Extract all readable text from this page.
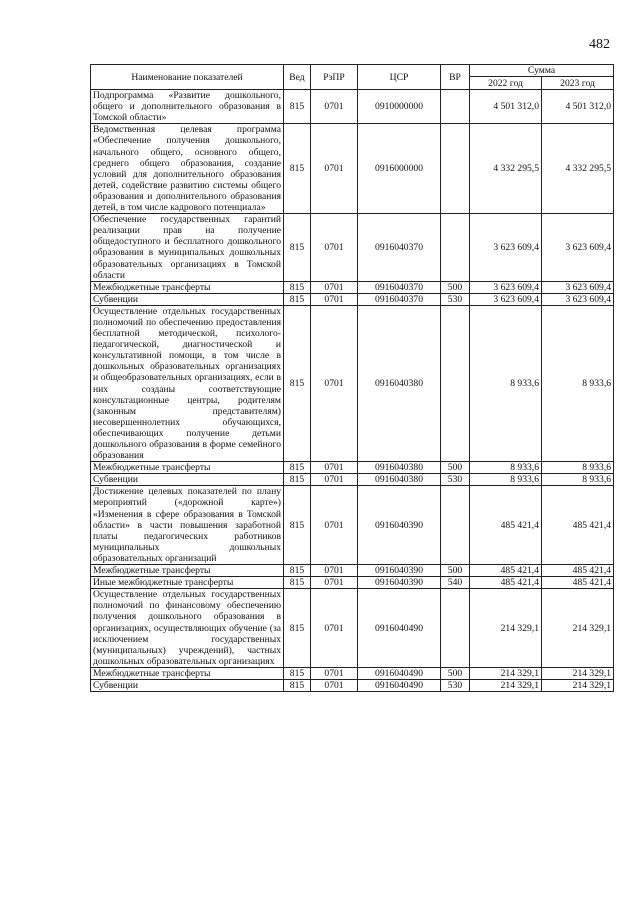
482
Наименование показателей	Вед	РзПР	ЦСР	ВР	Сумма	
					2022 год	2023 год
Подпрограмма «Развитие дошкольного, общего и дополнительного образования в Томской области»	815	0701	0910000000		4 501 312,0	4 501 312,0
Ведомственная целевая программа «Обеспечение получения дошкольного, начального общего, основного общего, среднего общего образования, создание условий для дополнительного образования детей, содействие развитию системы общего образования и дополнительного образования детей, в том числе кадрового потенциала»	815	0701	0916000000		4 332 295,5	4 332 295,5
Обеспечение государственных гарантий реализации прав на получение общедоступного и бесплатного дошкольного образования в муниципальных дошкольных образовательных организациях в Томской области	815	0701	0916040370		3 623 609,4	3 623 609,4
Межбюджетные трансферты	815	0701	0916040370	500	3 623 609,4	3 623 609,4
Субвенции	815	0701	0916040370	530	3 623 609,4	3 623 609,4
Осуществление отдельных государственных полномочий по обеспечению предоставления бесплатной методической, психолого-педагогической, диагностической и консультативной помощи, в том числе в дошкольных образовательных организациях и общеобразовательных организациях, если в них созданы соответствующие консультационные центры, родителям (законным представителям) несовершеннолетних обучающихся, обеспечивающих получение детьми дошкольного образования в форме семейного образования	815	0701	0916040380		8 933,6	8 933,6
Межбюджетные трансферты	815	0701	0916040380	500	8 933,6	8 933,6
Субвенции	815	0701	0916040380	530	8 933,6	8 933,6
Достижение целевых показателей по плану мероприятий («дорожной карте») «Изменения в сфере образования в Томской области» в части повышения заработной платы педагогических работников муниципальных дошкольных образовательных организаций	815	0701	0916040390		485 421,4	485 421,4
Межбюджетные трансферты	815	0701	0916040390	500	485 421,4	485 421,4
Иные межбюджетные трансферты	815	0701	0916040390	540	485 421,4	485 421,4
Осуществление отдельных государственных полномочий по финансовому обеспечению получения дошкольного образования в организациях, осуществляющих обучение (за исключением государственных (муниципальных) учреждений), частных дошкольных образовательных организациях	815	0701	0916040490		214 329,1	214 329,1
Межбюджетные трансферты	815	0701	0916040490	500	214 329,1	214 329,1
Субвенции	815	0701	0916040490	530	214 329,1	214 329,1
